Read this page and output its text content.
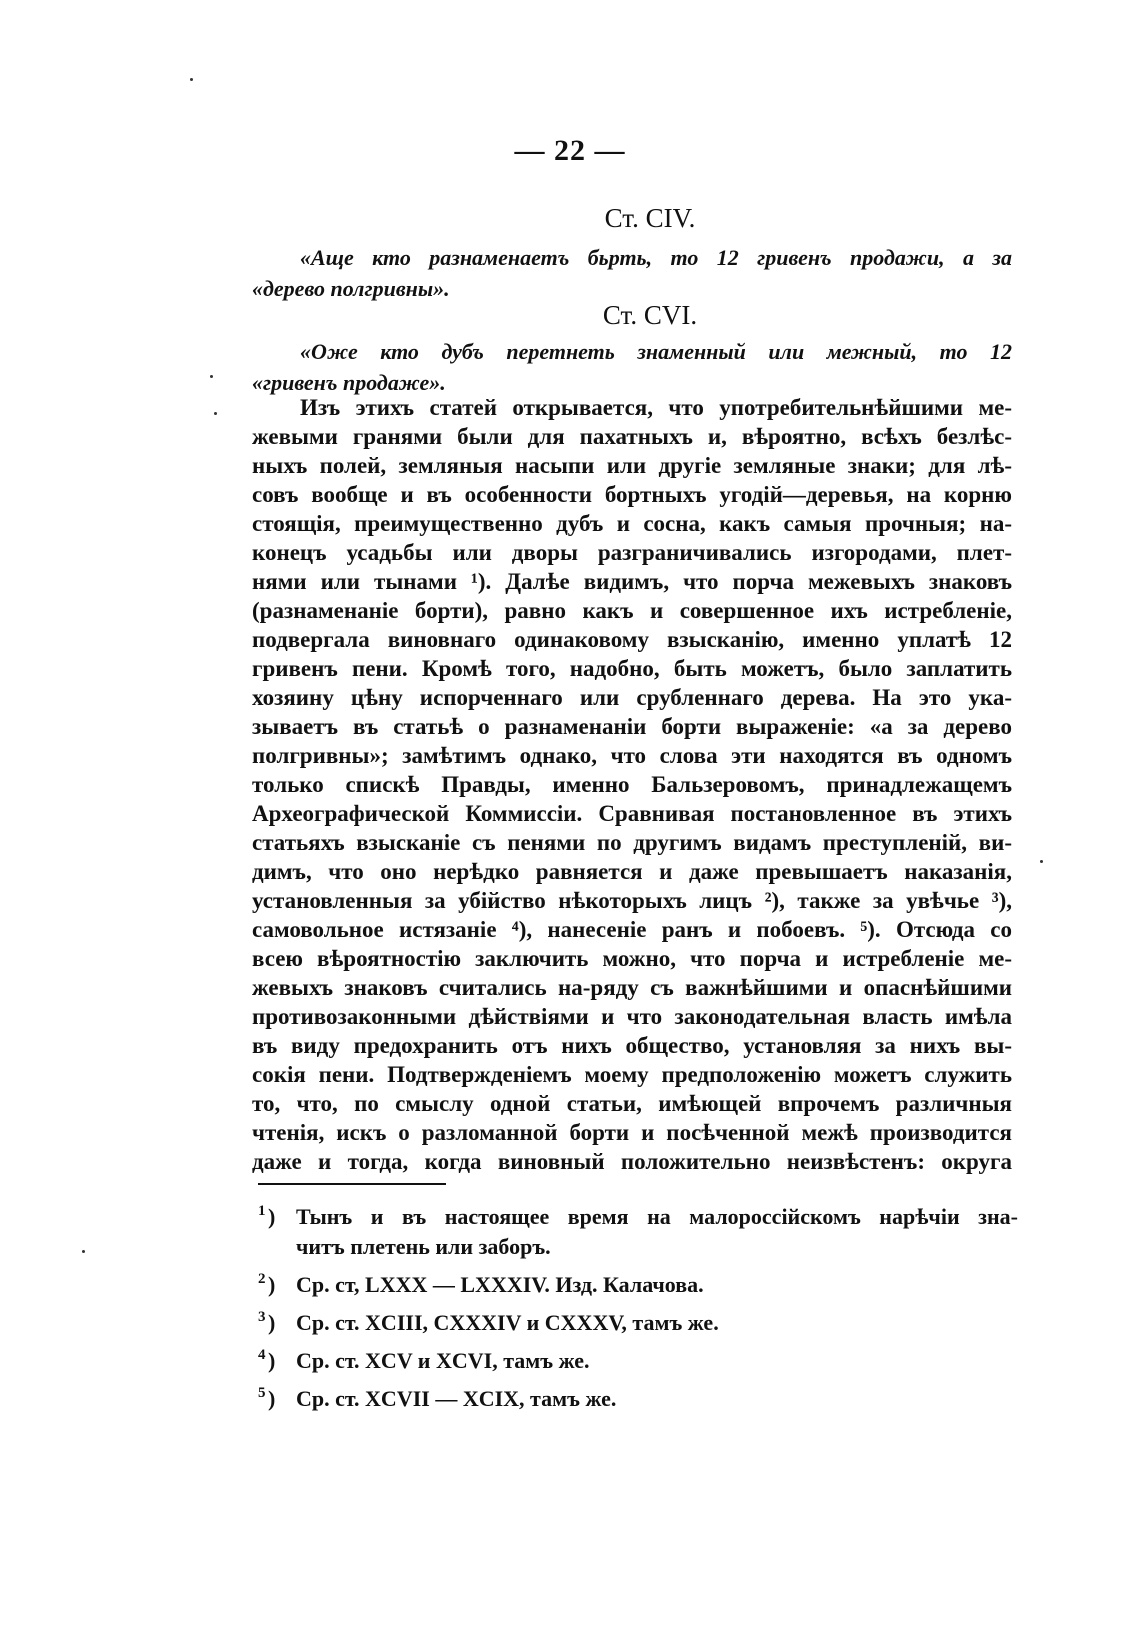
— 22 —

Ст. CIV.

«Аще кто разнаменаетъ бьрть, то 12 гривенъ продажи, а за
«дерево полгривны».

Ст. CVI.

«Оже кто дубъ перетнеть знаменный или межный, то 12
«гривенъ продаже».

Изъ этихъ статей открывается, что употребительнѣйшими ме-
жевыми гранями были для пахатныхъ и, вѣроятно, всѣхъ безлѣс-
ныхъ полей, земляныя насыпи или другіе земляные знаки; для лѣ-
совъ вообще и въ особенности бортныхъ угодій—деревья, на корню
стоящія, преимущественно дубъ и сосна, какъ самыя прочныя; на-
конецъ усадьбы или дворы разграничивались изгородами, плет-
нями или тынами ¹). Далѣе видимъ, что порча межевыхъ знаковъ
(разнаменаніе борти), равно какъ и совершенное ихъ истребленіе,
подвергала виновнаго одинаковому взысканію, именно уплатѣ 12
гривенъ пени. Кромѣ того, надобно, быть можетъ, было заплатить
хозяину цѣну испорченнаго или срубленнаго дерева. На это ука-
зываетъ въ статьѣ о разнаменаніи борти выраженіе: «а за дерево
полгривны»; замѣтимъ однако, что слова эти находятся въ одномъ
только спискѣ Правды, именно Бальзеровомъ, принадлежащемъ
Археографической Коммиссіи. Сравнивая постановленное въ этихъ
статьяхъ взысканіе съ пенями по другимъ видамъ преступленій, ви-
димъ, что оно нерѣдко равняется и даже превышаетъ наказанія,
установленныя за убійство нѣкоторыхъ лицъ ²), также за увѣчье ³),
самовольное истязаніе ⁴), нанесеніе ранъ и побоевъ. ⁵). Отсюда со
всею вѣроятностію заключить можно, что порча и истребленіе ме-
жевыхъ знаковъ считались на-ряду съ важнѣйшими и опаснѣйшими
противозаконными дѣйствіями и что законодательная власть имѣла
въ виду предохранить отъ нихъ общество, установляя за нихъ вы-
сокія пени. Подтвержденіемъ моему предположенію можетъ служить
то, что, по смыслу одной статьи, имѣющей впрочемъ различныя
чтенія, искъ о разломанной борти и посѣченной межѣ производится
даже и тогда, когда виновный положительно неизвѣстенъ: округа
1 ) Тынъ и въ настоящее время на малороссійскомъ нарѣчіи зна-
читъ плетень или заборъ.
2 ) Ср. ст, LXXX — LXXXIV. Изд. Калачова.
3 ) Ср. ст. XCIII, CXXXIV и CXXXV, тамъ же.
4 ) Ср. ст. XCV и XCVI, тамъ же.
5 ) Ср. ст. XCVII — XCIX, тамъ же.
